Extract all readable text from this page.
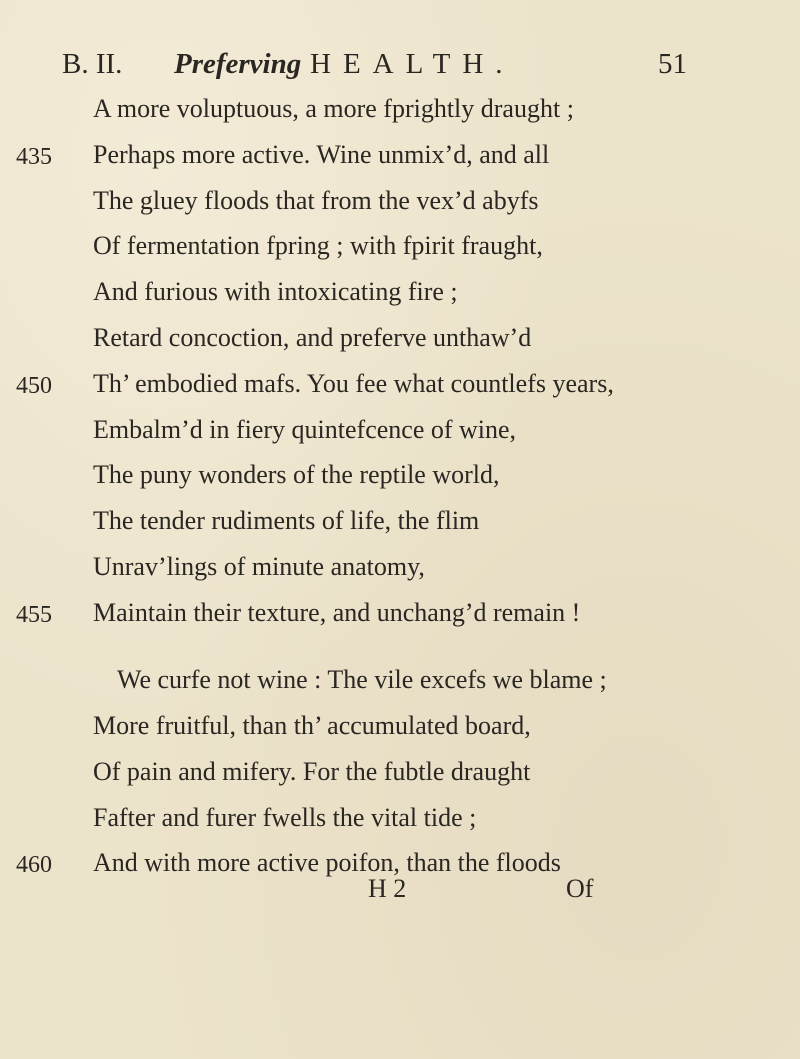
B. II. Preferving HEALTH.	51
A more voluptuous, a more fprightly draught ;
435 Perhaps more active. Wine unmix’d, and all
The gluey floods that from the vex’d abyfs
Of fermentation fpring ; with fpirit fraught,
And furious with intoxicating fire ;
Retard concoction, and preferve unthaw’d
450 Th’ embodied mafs. You fee what countlefs years,
Embalm’d in fiery quintefcence of wine,
The puny wonders of the reptile world,
The tender rudiments of life, the flim
Unrav’lings of minute anatomy,
455 Maintain their texture, and unchang’d remain !
We curfe not wine : The vile excefs we blame ;
More fruitful, than th’ accumulated board,
Of pain and mifery. For the fubtle draught
Fafter and furer fwells the vital tide ;
460 And with more active poifon, than the floods
H 2	Of
